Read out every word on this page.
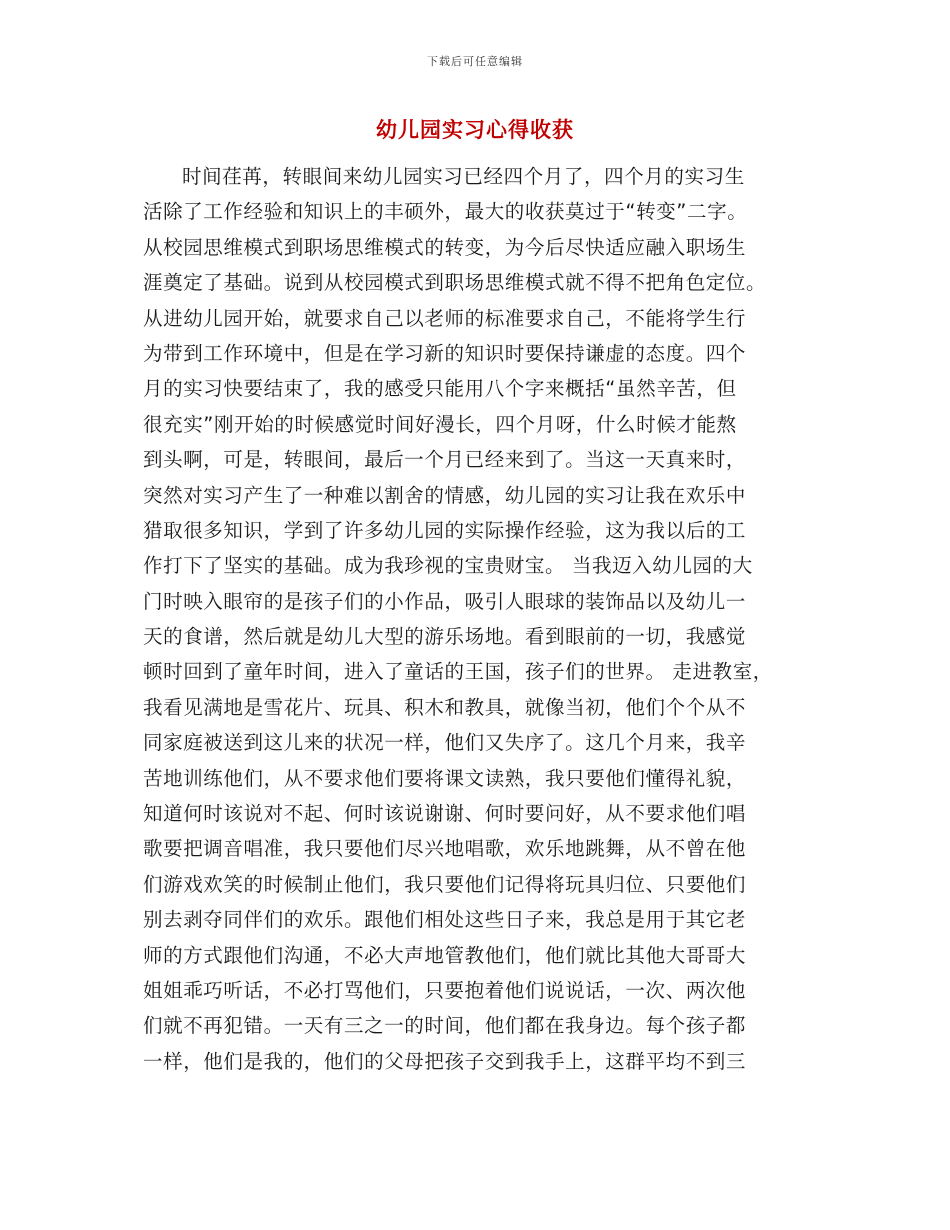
下载后可任意编辑
幼儿园实习心得收获
时间荏苒，转眼间来幼儿园实习已经四个月了，四个月的实习生
活除了工作经验和知识上的丰硕外，最大的收获莫过于“转变”二字。
从校园思维模式到职场思维模式的转变，为今后尽快适应融入职场生
涯奠定了基础。说到从校园模式到职场思维模式就不得不把角色定位。
从进幼儿园开始，就要求自己以老师的标准要求自己，不能将学生行
为带到工作环境中，但是在学习新的知识时要保持谦虚的态度。四个
月的实习快要结束了，我的感受只能用八个字来概括“虽然辛苦，但
很充实”刚开始的时候感觉时间好漫长，四个月呀，什么时候才能熬
到头啊，可是，转眼间，最后一个月已经来到了。当这一天真来时，
突然对实习产生了一种难以割舍的情感，幼儿园的实习让我在欢乐中
猎取很多知识，学到了许多幼儿园的实际操作经验，这为我以后的工
作打下了坚实的基础。成为我珍视的宝贵财宝。 当我迈入幼儿园的大
门时映入眼帘的是孩子们的小作品，吸引人眼球的装饰品以及幼儿一
天的食谱，然后就是幼儿大型的游乐场地。看到眼前的一切，我感觉
顿时回到了童年时间，进入了童话的王国，孩子们的世界。 走进教室，
我看见满地是雪花片、玩具、积木和教具，就像当初，他们个个从不
同家庭被送到这儿来的状况一样，他们又失序了。这几个月来，我辛
苦地训练他们，从不要求他们要将课文读熟，我只要他们懂得礼貌，
知道何时该说对不起、何时该说谢谢、何时要问好，从不要求他们唱
歌要把调音唱准，我只要他们尽兴地唱歌，欢乐地跳舞，从不曾在他
们游戏欢笑的时候制止他们，我只要他们记得将玩具归位、只要他们
别去剥夺同伴们的欢乐。跟他们相处这些日子来，我总是用于其它老
师的方式跟他们沟通，不必大声地管教他们，他们就比其他大哥哥大
姐姐乖巧听话，不必打骂他们，只要抱着他们说说话，一次、两次他
们就不再犯错。一天有三之一的时间，他们都在我身边。每个孩子都
一样，他们是我的，他们的父母把孩子交到我手上，这群平均不到三
